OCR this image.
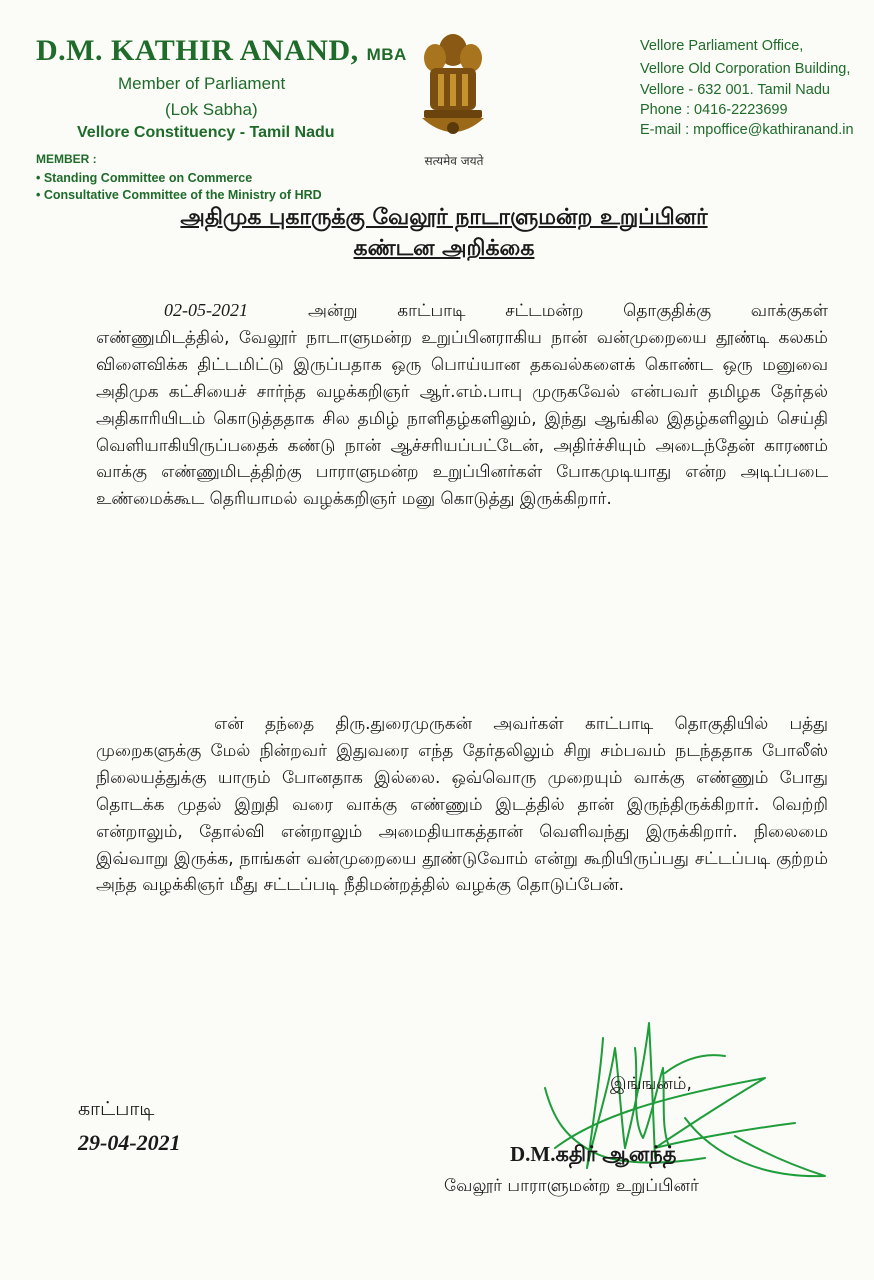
D.M. KATHIR ANAND, MBA
Member of Parliament
(Lok Sabha)
Vellore Constituency - Tamil Nadu
MEMBER :
• Standing Committee on Commerce
• Consultative Committee of the Ministry of HRD
सत्यमेव जयते
Vellore Parliament Office,
Vellore Old Corporation Building,
Vellore - 632 001. Tamil Nadu
Phone : 0416-2223699
E-mail : mpoffice@kathiranand.in
அதிமுக புகாருக்கு வேலூர் நாடாளுமன்ற உறுப்பினர்
கண்டன அறிக்கை
02-05-2021	அன்று காட்பாடி சட்டமன்ற தொகுதிக்கு வாக்குகள் எண்ணுமிடத்தில், வேலூர் நாடாளுமன்ற உறுப்பினராகிய நான் வன்முறையை தூண்டி கலகம் விளைவிக்க திட்டமிட்டு இருப்பதாக ஒரு பொய்யான தகவல்களைக் கொண்ட ஒரு மனுவை அதிமுக கட்சியைச் சார்ந்த வழக்கறிஞர் ஆர்.எம்.பாபு முருகவேல் என்பவர் தமிழக தேர்தல் அதிகாரியிடம் கொடுத்ததாக சில தமிழ் நாளிதழ்களிலும், இந்து ஆங்கில இதழ்களிலும் செய்தி வெளியாகியிருப்பதைக் கண்டு நான் ஆச்சரியப்பட்டேன், அதிர்ச்சியும் அடைந்தேன் காரணம் வாக்கு எண்ணுமிடத்திற்கு பாராளுமன்ற உறுப்பினர்கள் போகமுடியாது என்ற அடிப்படை உண்மைக்கூட தெரியாமல் வழக்கறிஞர் மனு கொடுத்து இருக்கிறார்.
என் தந்தை திரு.துரைமுருகன் அவர்கள் காட்பாடி தொகுதியில் பத்து முறைகளுக்கு மேல் நின்றவர் இதுவரை எந்த தேர்தலிலும் சிறு சம்பவம் நடந்ததாக போலீஸ் நிலையத்துக்கு யாரும் போனதாக இல்லை. ஒவ்வொரு முறையும் வாக்கு எண்ணும் போது தொடக்க முதல் இறுதி வரை வாக்கு எண்ணும் இடத்தில் தான் இருந்திருக்கிறார். வெற்றி என்றாலும், தோல்வி என்றாலும் அமைதியாகத்தான் வெளிவந்து இருக்கிறார். நிலைமை இவ்வாறு இருக்க, நாங்கள் வன்முறையை தூண்டுவோம் என்று கூறியிருப்பது சட்டப்படி குற்றம் அந்த வழக்கிஞர் மீது சட்டப்படி நீதிமன்றத்தில் வழக்கு தொடுப்பேன்.
இங்ஙனம்,
காட்பாடி
29-04-2021	D.M.கதிர் ஆனந்த்
வேலூர் பாராளுமன்ற உறுப்பினர்
